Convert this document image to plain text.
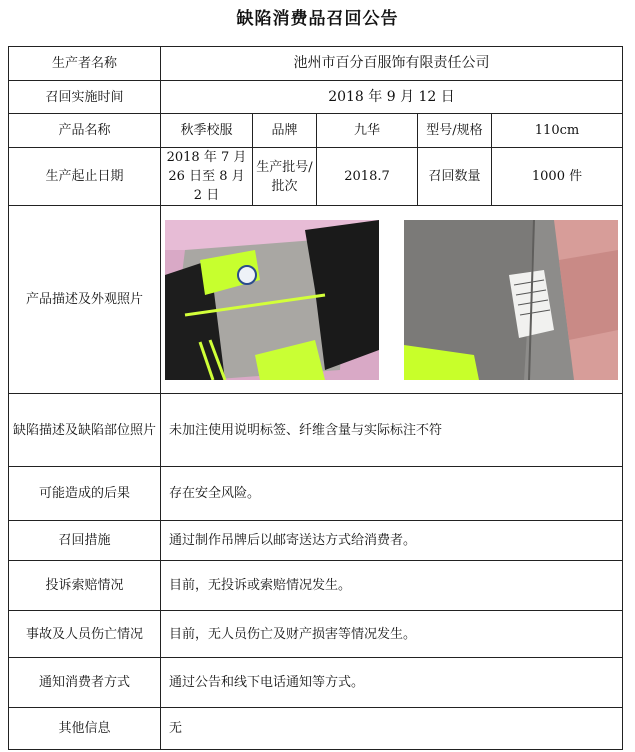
缺陷消费品召回公告
生产者名称	池州市百分百服饰有限责任公司				
召回实施时间	2018 年 9 月 12 日				
产品名称	秋季校服	品牌	九华	型号/规格	110cm
生产起止日期	2018 年 7 月 26 日至 8 月 2 日	生产批号/批次	2018.7	召回数量	1000 件
产品描述及外观照片	

缺陷描述及缺陷部位照片	未加注使用说明标签、纤维含量与实际标注不符				
可能造成的后果	存在安全风险。				
召回措施	通过制作吊牌后以邮寄送达方式给消费者。				
投诉索赔情况	目前，无投诉或索赔情况发生。				
事故及人员伤亡情况	目前，无人员伤亡及财产损害等情况发生。				
通知消费者方式	通过公告和线下电话通知等方式。				
其他信息	无				
